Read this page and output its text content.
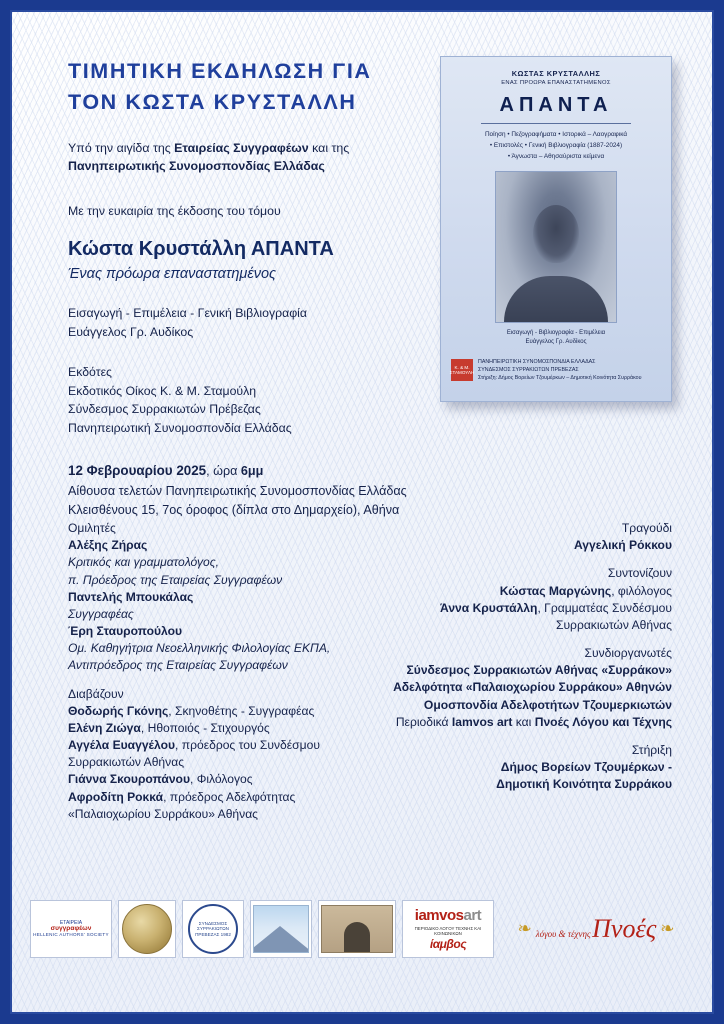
ΤΙΜΗΤΙΚΗ ΕΚΔΗΛΩΣΗ ΓΙΑ
ΤΟΝ ΚΩΣΤΑ ΚΡΥΣΤΑΛΛΗ
Υπό την αιγίδα της Εταιρείας Συγγραφέων και της
Πανηπειρωτικής Συνομοσπονδίας Ελλάδας
Με την ευκαιρία της έκδοσης του τόμου
Κώστα Κρυστάλλη ΑΠΑΝΤΑ
Ένας πρόωρα επαναστατημένος
Εισαγωγή - Επιμέλεια - Γενική Βιβλιογραφία
Ευάγγελος Γρ. Αυδίκος
Εκδότες
Εκδοτικός Οίκος Κ. & Μ. Σταμούλη
Σύνδεσμος Συρρακιωτών Πρέβεζας
Πανηπειρωτική Συνομοσπονδία Ελλάδας
12 Φεβρουαρίου 2025, ώρα 6μμ
Αίθουσα τελετών Πανηπειρωτικής Συνομοσπονδίας Ελλάδας
Κλεισθένους 15, 7ος όροφος (δίπλα στο Δημαρχείο), Αθήνα
Ομιλητές
Αλέξης Ζήρας
Κριτικός και γραμματολόγος,
π. Πρόεδρος της Εταιρείας Συγγραφέων
Παντελής Μπουκάλας
Συγγραφέας
Έρη Σταυροπούλου
Ομ. Καθηγήτρια Νεοελληνικής Φιλολογίας ΕΚΠΑ,
Αντιπρόεδρος της Εταιρείας Συγγραφέων
Διαβάζουν
Θοδωρής Γκόνης, Σκηνοθέτης - Συγγραφέας
Ελένη Ζιώγα, Ηθοποιός - Στιχουργός
Αγγέλα Ευαγγέλου, πρόεδρος του Συνδέσμου
Συρρακιωτών Αθήνας
Γιάννα Σκουροπάνου, Φιλόλογος
Αφροδίτη Ροκκά, πρόεδρος Αδελφότητας
«Παλαιοχωρίου Συρράκου» Αθήνας
Τραγούδι
Αγγελική Ρόκκου
Συντονίζουν
Κώστας Μαργώνης, φιλόλογος
Άννα Κρυστάλλη, Γραμματέας Συνδέσμου
Συρρακιωτών Αθήνας
Συνδιοργανωτές
Σύνδεσμος Συρρακιωτών Αθήνας «Συρράκον»
Αδελφότητα «Παλαιοχωρίου Συρράκου» Αθηνών
Ομοσπονδία Αδελφοτήτων Τζουμερκιωτών
Περιοδικά Ιamvos art και Πνοές Λόγου και Τέχνης
Στήριξη
Δήμος Βορείων Τζουμέρκων -
Δημοτική Κοινότητα Συρράκου
ΚΩΣΤΑΣ ΚΡΥΣΤΑΛΛΗΣ
ΕΝΑΣ ΠΡΟΩΡΑ ΕΠΑΝΑΣΤΑΤΗΜΕΝΟΣ
ΑΠΑΝΤΑ
Ποίηση • Πεζογραφήματα • Ιστορικά – Λαογραφικά
• Επιστολές • Γενική Βιβλιογραφία (1887-2024)
• Άγνωστα – Αθησαύριστα κείμενα
Εισαγωγή - Βιβλιογραφία - Επιμέλεια
Ευάγγελος Γρ. Αυδίκος
Κ. & Μ. ΣΤΑΜΟΥΛΗ
ΠΑΝΗΠΕΙΡΩΤΙΚΗ ΣΥΝΟΜΟΣΠΟΝΔΙΑ ΕΛΛΑΔΑΣ
ΣΥΝΔΕΣΜΟΣ ΣΥΡΡΑΚΙΩΤΩΝ ΠΡΕΒΕΖΑΣ
Στήριξη: Δήμος Βορείων Τζουμέρκων – Δημοτική Κοινότητα Συρράκου
ΕΤΑΙΡΕΙΑ
συγγραφέων
HELLENIC AUTHORS' SOCIETY
ΣΥΝΔΕΣΜΟΣ ΣΥΡΡΑΚΙΩΤΩΝ ΠΡΕΒΕΖΑΣ 1982
iamvosart
ΠΕΡΙΟΔΙΚΟ ΛΟΓΟΥ ΤΕΧΝΗΣ ΚΑΙ ΚΟΙΝΩΝΙΚΩΝ
ίαμβος
❧ λόγου & τέχνης Πνοές ❧
